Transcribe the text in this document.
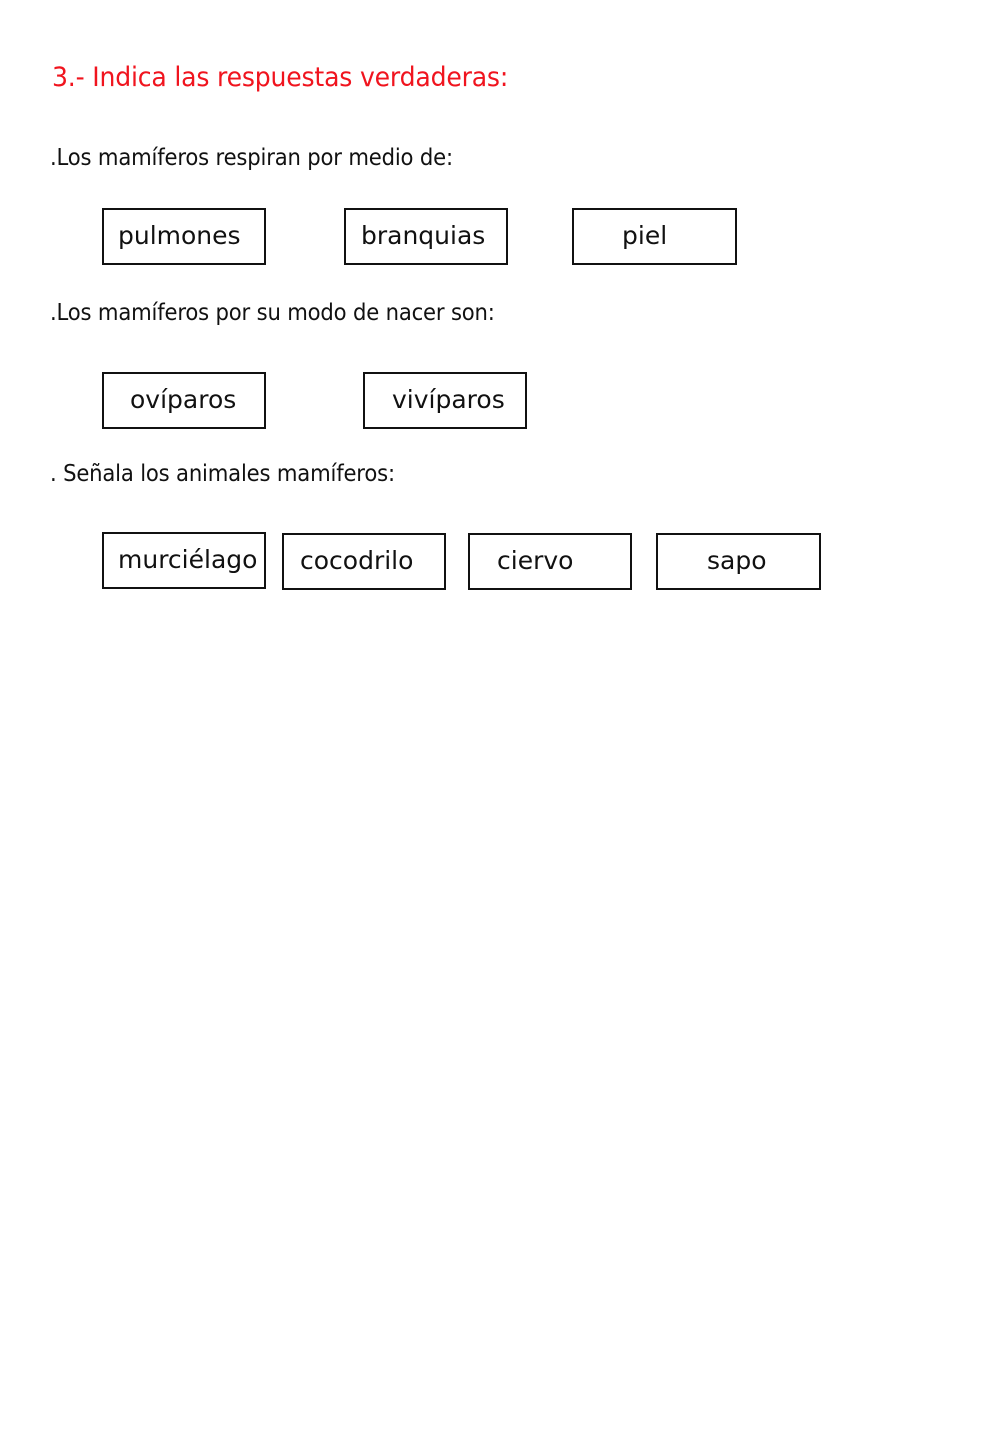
3.- Indica las respuestas verdaderas:
.Los mamíferos respiran por medio de:
pulmones	branquias	piel
.Los mamíferos por su modo de nacer son:
ovíparos	vivíparos
. Señala los animales mamíferos:
murciélago	cocodrilo	ciervo	sapo
